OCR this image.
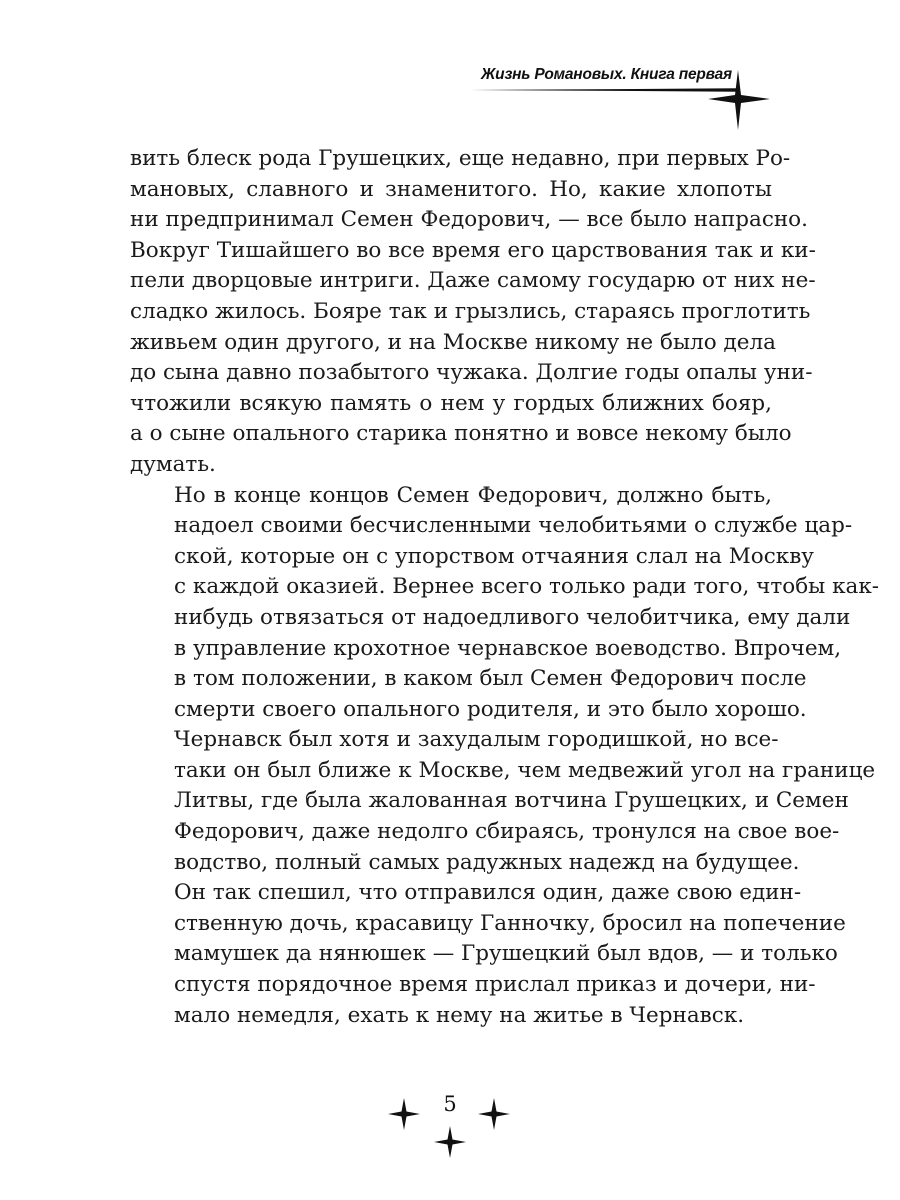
Жизнь Романовых. Книга первая

вить блеск рода Грушецких, еще недавно, при первых Ро-
мановых, славного и знаменитого. Но, какие хлопоты
ни предпринимал Семен Федорович, — все было напрасно.
Вокруг Тишайшего во все время его царствования так и ки-
пели дворцовые интриги. Даже самому государю от них не-
сладко жилось. Бояре так и грызлись, стараясь проглотить
живьем один другого, и на Москве никому не было дела
до сына давно позабытого чужака. Долгие годы опалы уни-
чтожили всякую память о нем у гордых ближних бояр,
а о сыне опального старика понятно и вовсе некому было
думать.

Но в конце концов Семен Федорович, должно быть,
надоел своими бесчисленными челобитьями о службе цар-
ской, которые он с упорством отчаяния слал на Москву
с каждой оказией. Вернее всего только ради того, чтобы как-
нибудь отвязаться от надоедливого челобитчика, ему дали
в управление крохотное чернавское воеводство. Впрочем,
в том положении, в каком был Семен Федорович после
смерти своего опального родителя, и это было хорошо.

Чернавск был хотя и захудалым городишкой, но все-
таки он был ближе к Москве, чем медвежий угол на границе
Литвы, где была жалованная вотчина Грушецких, и Семен
Федорович, даже недолго сбираясь, тронулся на свое вое-
водство, полный самых радужных надежд на будущее.

Он так спешил, что отправился один, даже свою един-
ственную дочь, красавицу Ганночку, бросил на попечение
мамушек да нянюшек — Грушецкий был вдов, — и только
спустя порядочное время прислал приказ и дочери, ни-
мало немедля, ехать к нему на житье в Чернавск.

5
